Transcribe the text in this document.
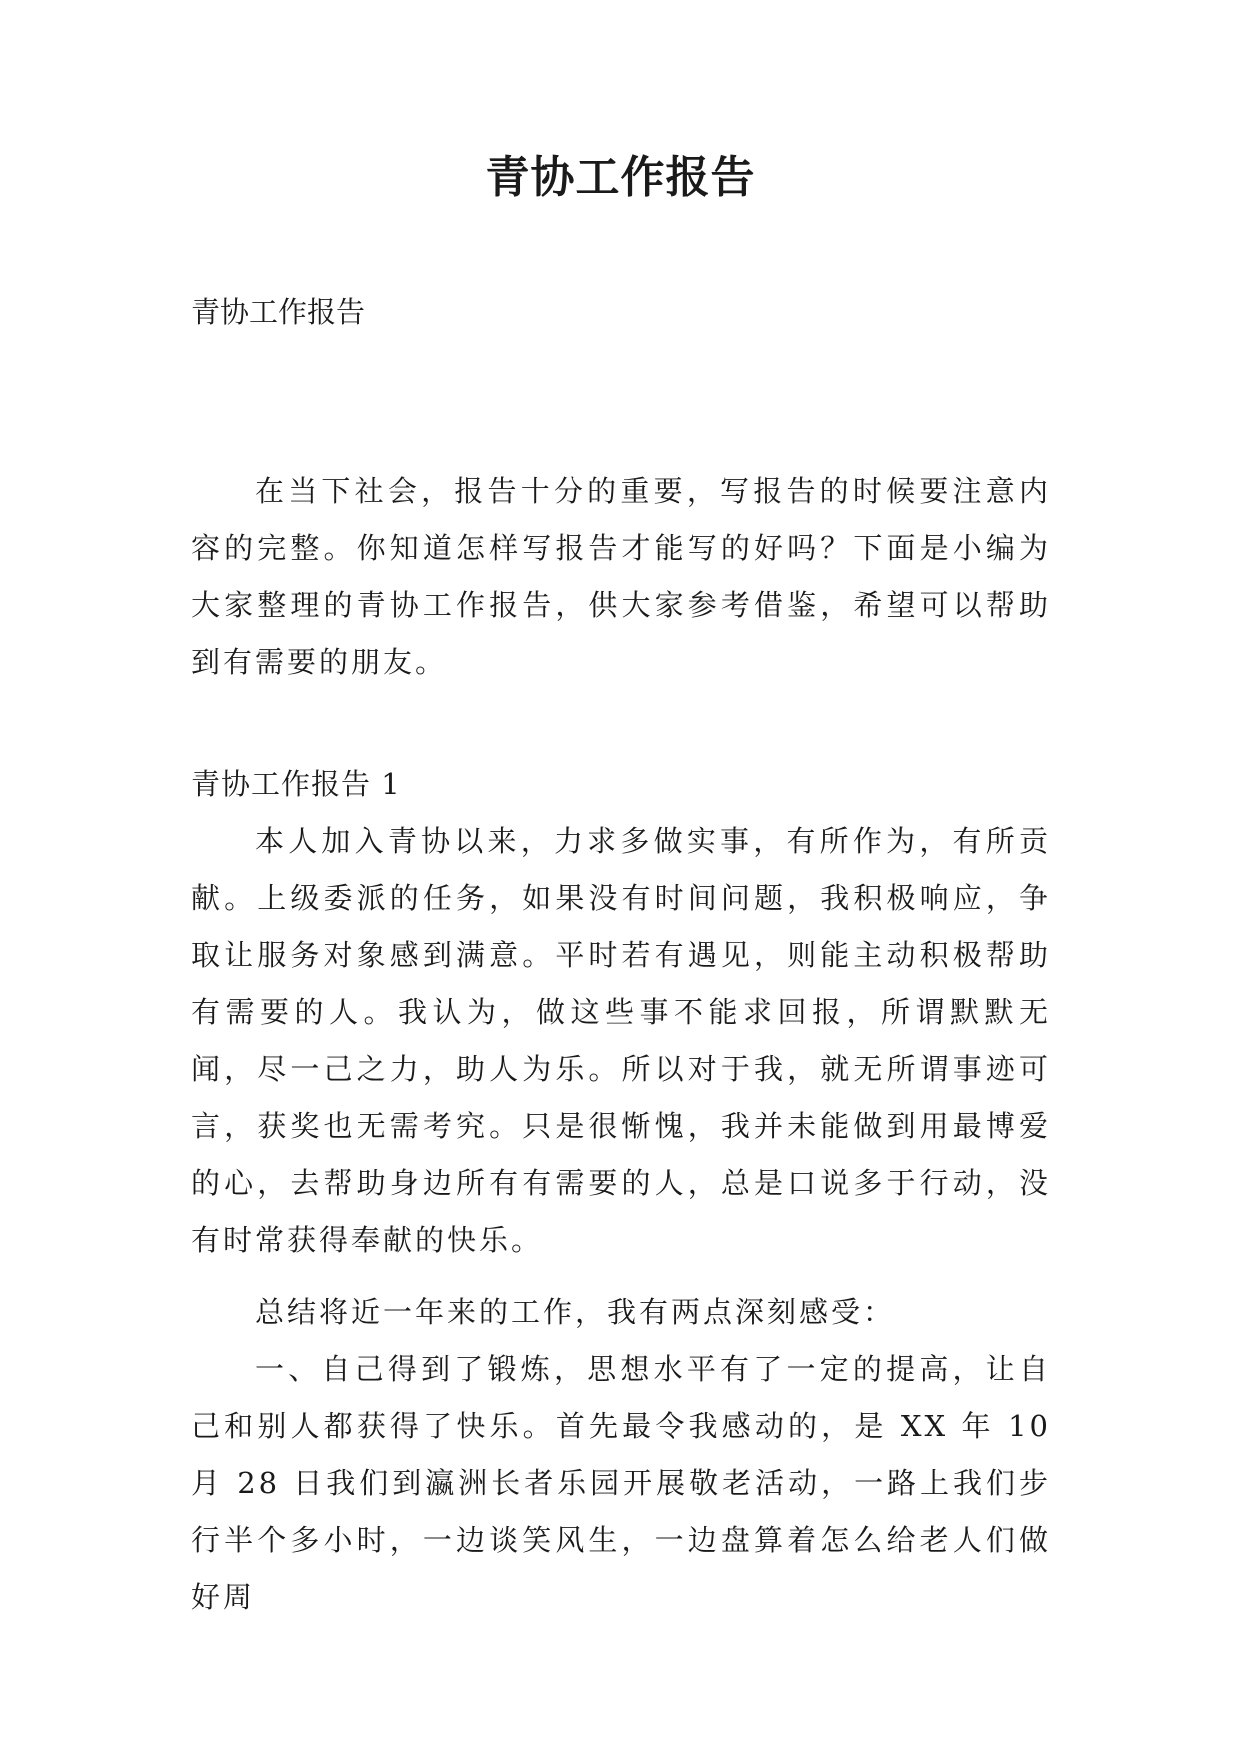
青协工作报告

青协工作报告

在当下社会，报告十分的重要，写报告的时候要注意内容的完整。你知道怎样写报告才能写的好吗？下面是小编为大家整理的青协工作报告，供大家参考借鉴，希望可以帮助到有需要的朋友。

青协工作报告 1

本人加入青协以来，力求多做实事，有所作为，有所贡献。上级委派的任务，如果没有时间问题，我积极响应，争取让服务对象感到满意。平时若有遇见，则能主动积极帮助有需要的人。我认为，做这些事不能求回报，所谓默默无闻，尽一己之力，助人为乐。所以对于我，就无所谓事迹可言，获奖也无需考究。只是很惭愧，我并未能做到用最博爱的心，去帮助身边所有有需要的人，总是口说多于行动，没有时常获得奉献的快乐。

总结将近一年来的工作，我有两点深刻感受：

一、自己得到了锻炼，思想水平有了一定的提高，让自己和别人都获得了快乐。首先最令我感动的，是 XX 年 10 月 28 日我们到瀛洲长者乐园开展敬老活动，一路上我们步行半个多小时，一边谈笑风生，一边盘算着怎么给老人们做好周
